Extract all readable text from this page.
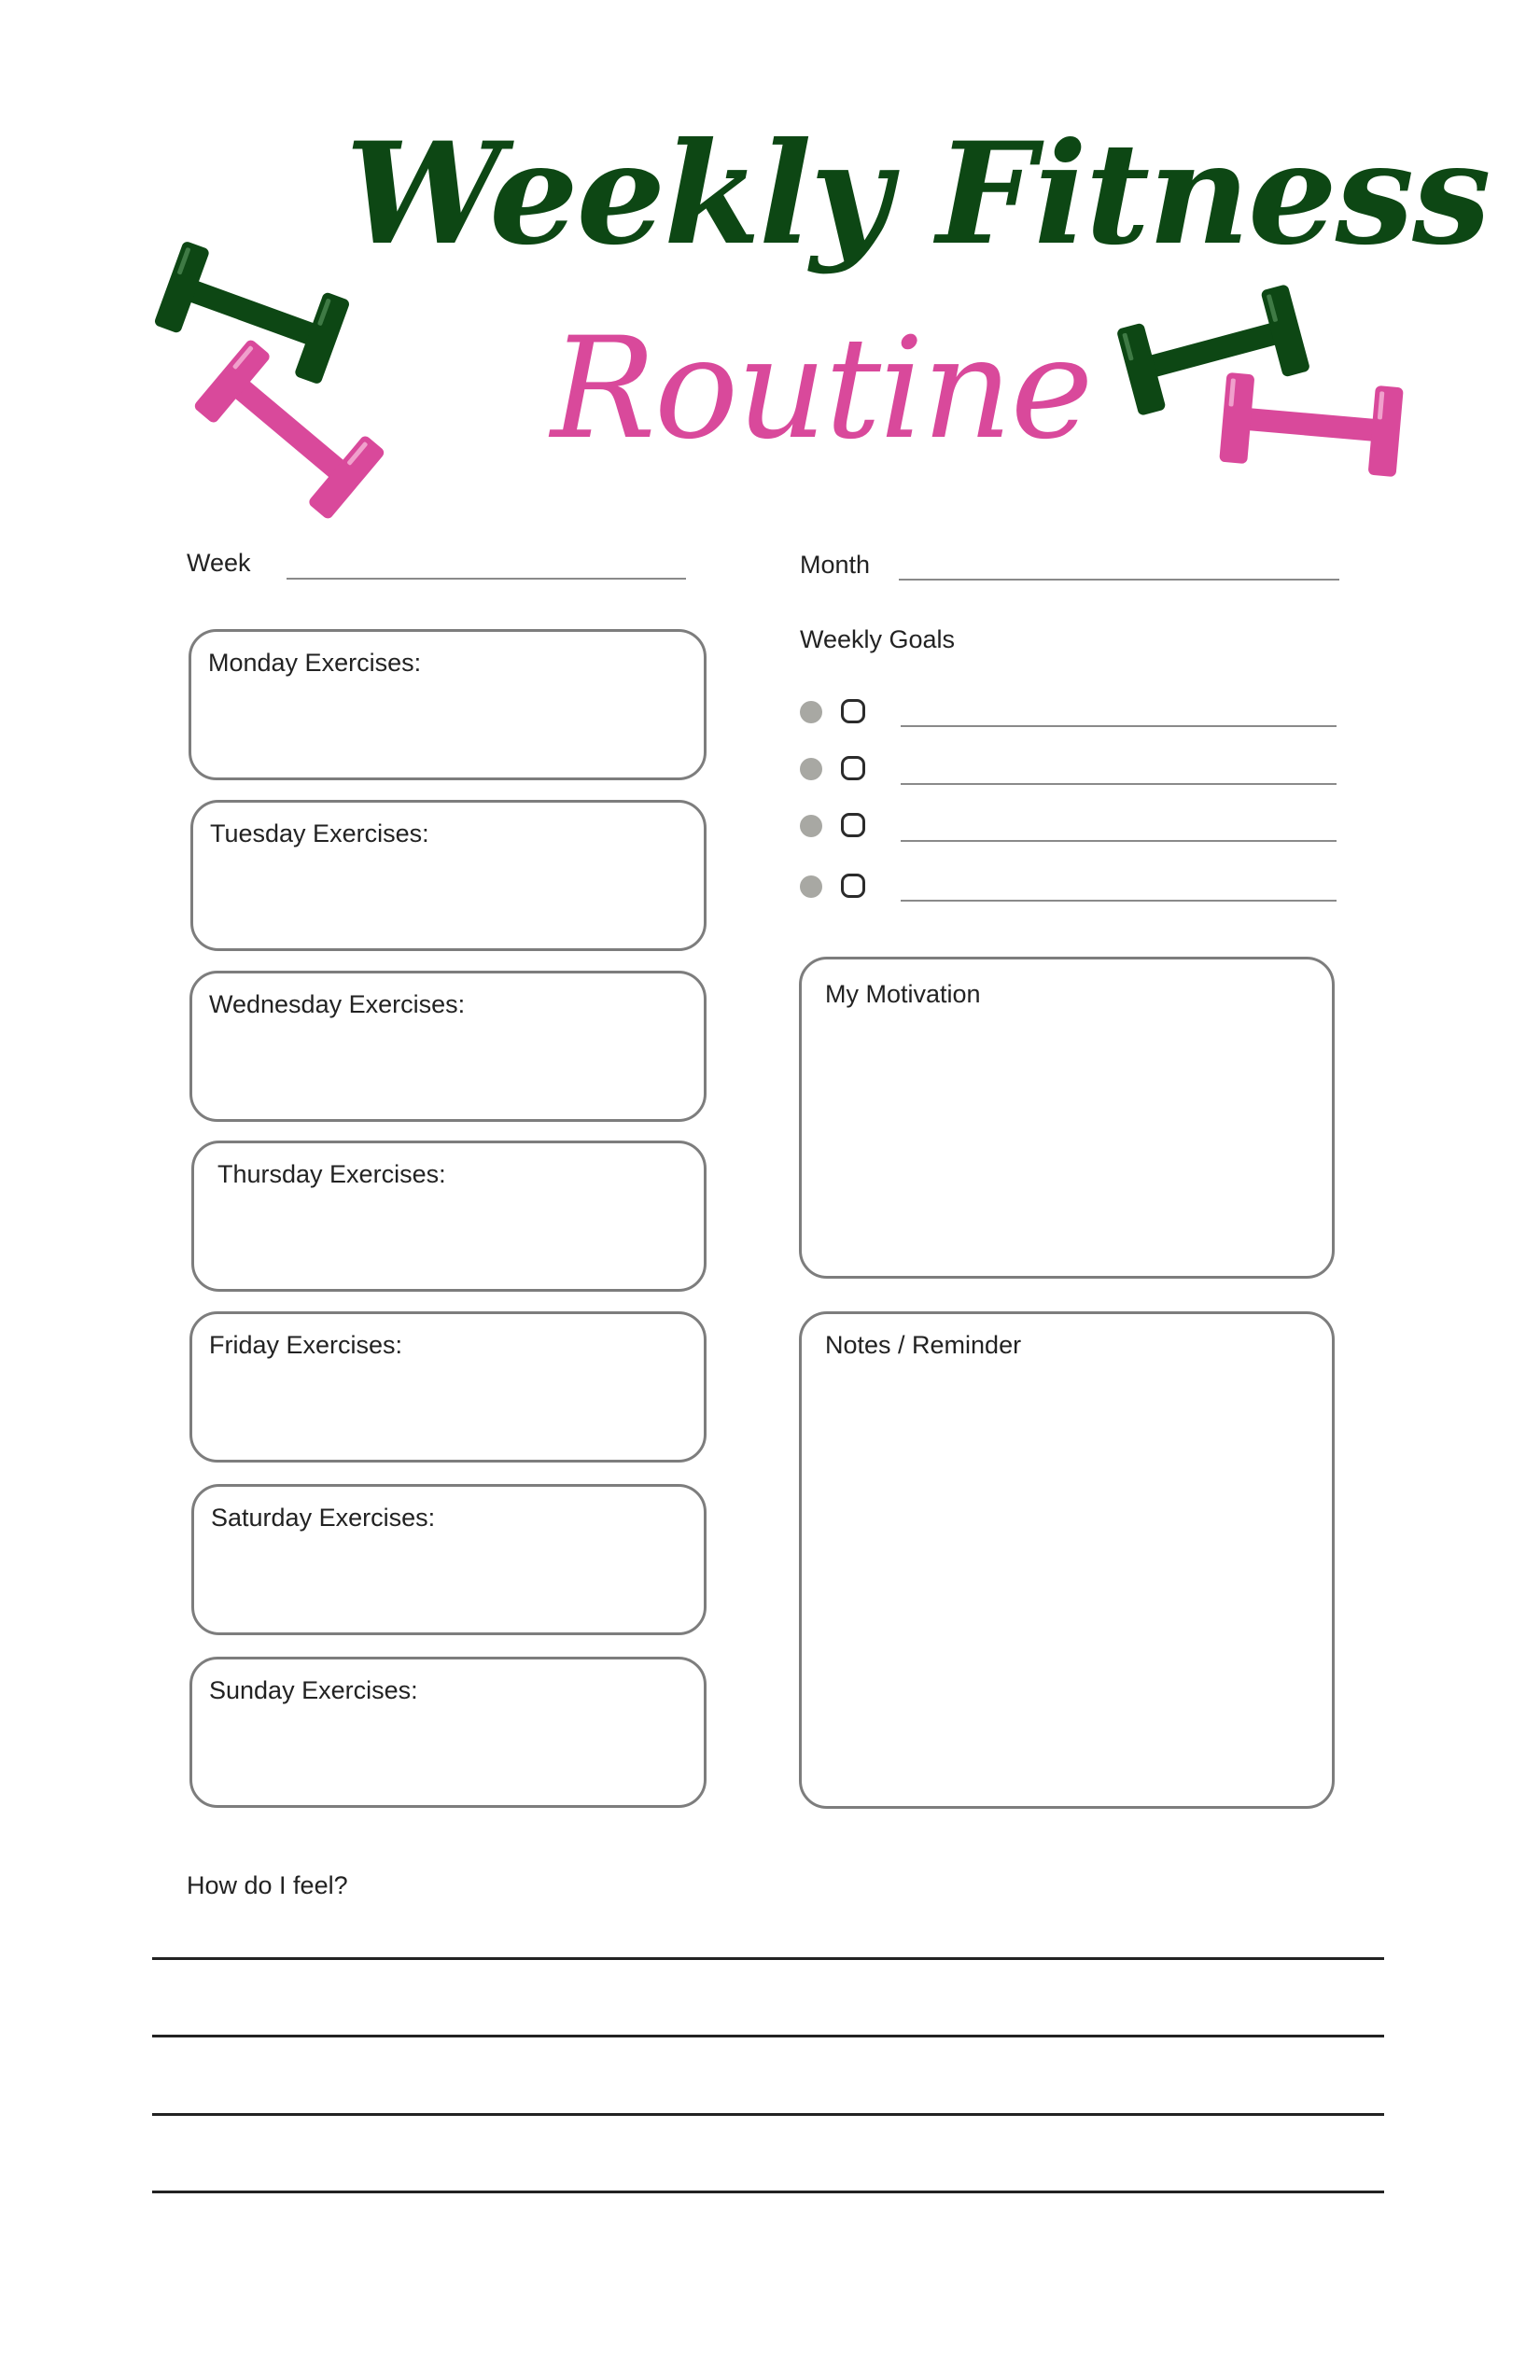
Weekly Fitness
Routine
Week	Month
Monday Exercises:
Tuesday Exercises:
Wednesday Exercises:
Thursday Exercises:
Friday Exercises:
Saturday Exercises:
Sunday Exercises:
Weekly Goals
My Motivation
Notes / Reminder
How do I feel?
